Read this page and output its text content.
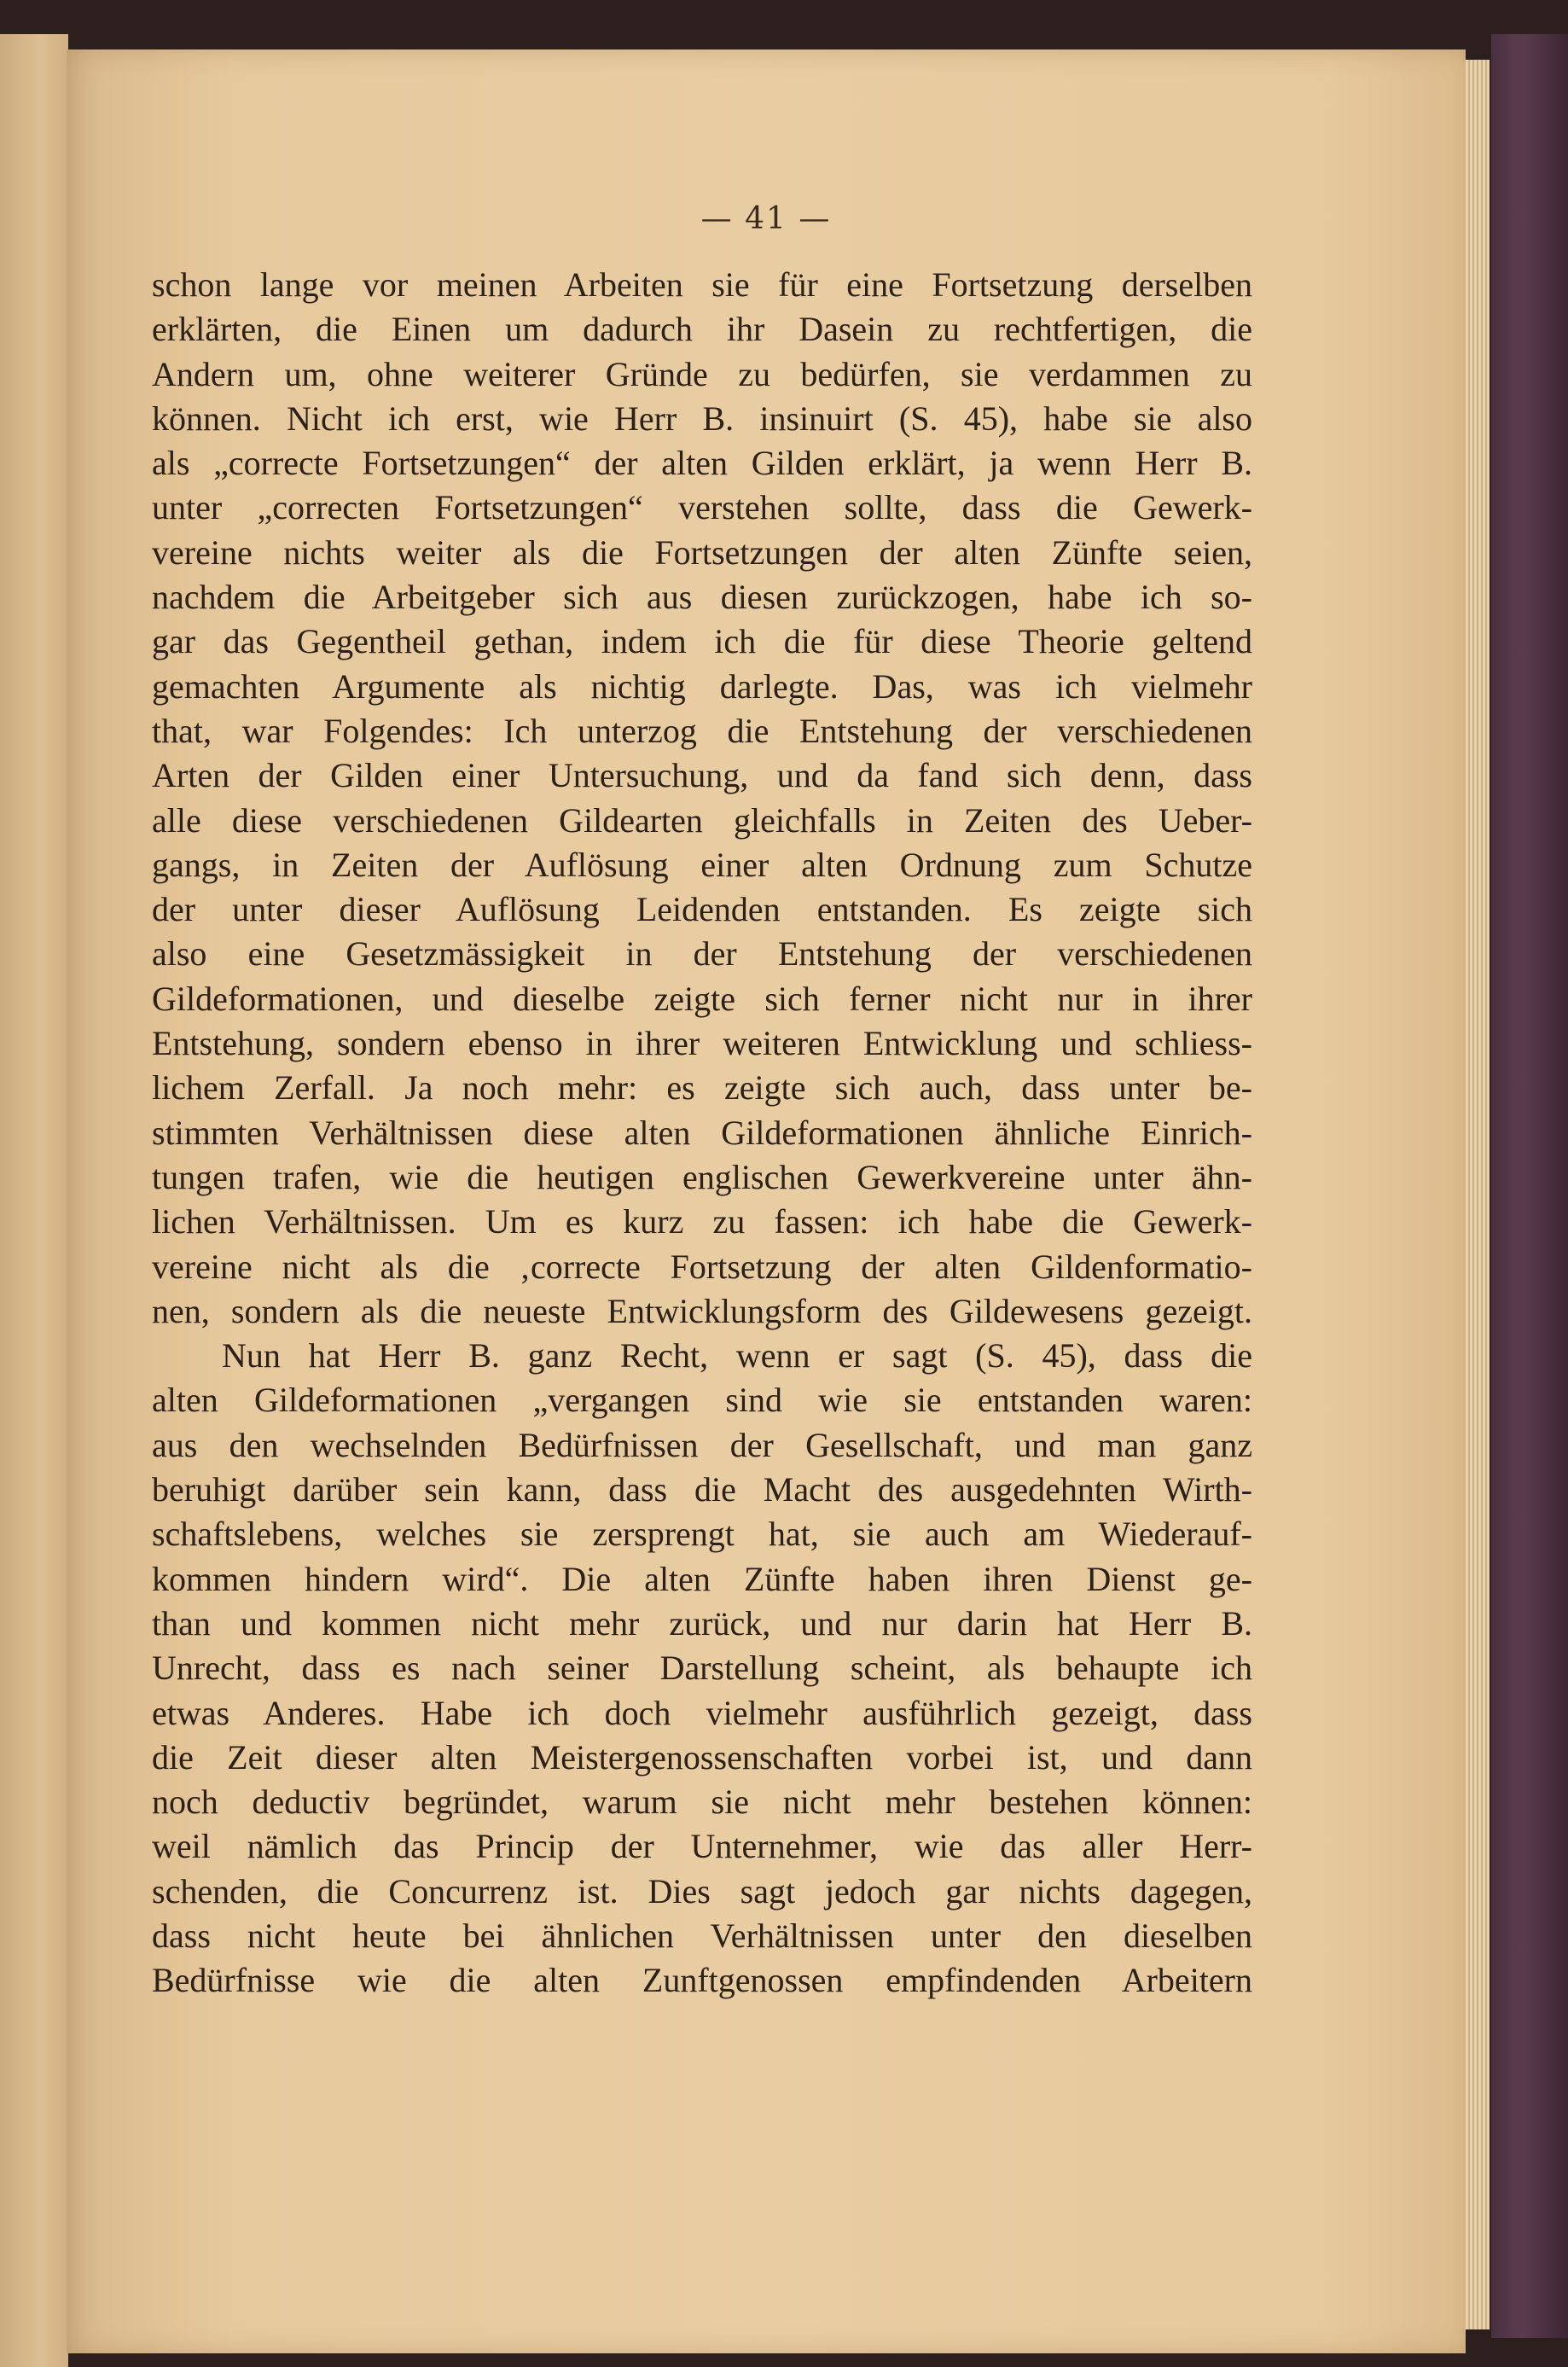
— 41 —
schon lange vor meinen Arbeiten sie für eine Fortsetzung derselben
erklärten, die Einen um dadurch ihr Dasein zu rechtfertigen, die
Andern um, ohne weiterer Gründe zu bedürfen, sie verdammen zu
können. Nicht ich erst, wie Herr B. insinuirt (S. 45), habe sie also
als „correcte Fortsetzungen“ der alten Gilden erklärt, ja wenn Herr B.
unter „correcten Fortsetzungen“ verstehen sollte, dass die Gewerk-
vereine nichts weiter als die Fortsetzungen der alten Zünfte seien,
nachdem die Arbeitgeber sich aus diesen zurückzogen, habe ich so-
gar das Gegentheil gethan, indem ich die für diese Theorie geltend
gemachten Argumente als nichtig darlegte. Das, was ich vielmehr
that, war Folgendes: Ich unterzog die Entstehung der verschiedenen
Arten der Gilden einer Untersuchung, und da fand sich denn, dass
alle diese verschiedenen Gildearten gleichfalls in Zeiten des Ueber-
gangs, in Zeiten der Auflösung einer alten Ordnung zum Schutze
der unter dieser Auflösung Leidenden entstanden. Es zeigte sich
also eine Gesetzmässigkeit in der Entstehung der verschiedenen
Gildeformationen, und dieselbe zeigte sich ferner nicht nur in ihrer
Entstehung, sondern ebenso in ihrer weiteren Entwicklung und schliess-
lichem Zerfall. Ja noch mehr: es zeigte sich auch, dass unter be-
stimmten Verhältnissen diese alten Gildeformationen ähnliche Einrich-
tungen trafen, wie die heutigen englischen Gewerkvereine unter ähn-
lichen Verhältnissen. Um es kurz zu fassen: ich habe die Gewerk-
vereine nicht als die ‚correcte Fortsetzung der alten Gildenformatio-
nen, sondern als die neueste Entwicklungsform des Gildewesens gezeigt.
Nun hat Herr B. ganz Recht, wenn er sagt (S. 45), dass die
alten Gildeformationen „vergangen sind wie sie entstanden waren:
aus den wechselnden Bedürfnissen der Gesellschaft, und man ganz
beruhigt darüber sein kann, dass die Macht des ausgedehnten Wirth-
schaftslebens, welches sie zersprengt hat, sie auch am Wiederauf-
kommen hindern wird“. Die alten Zünfte haben ihren Dienst ge-
than und kommen nicht mehr zurück, und nur darin hat Herr B.
Unrecht, dass es nach seiner Darstellung scheint, als behaupte ich
etwas Anderes. Habe ich doch vielmehr ausführlich gezeigt, dass
die Zeit dieser alten Meistergenossenschaften vorbei ist, und dann
noch deductiv begründet, warum sie nicht mehr bestehen können:
weil nämlich das Princip der Unternehmer, wie das aller Herr-
schenden, die Concurrenz ist. Dies sagt jedoch gar nichts dagegen,
dass nicht heute bei ähnlichen Verhältnissen unter den dieselben
Bedürfnisse wie die alten Zunftgenossen empfindenden Arbeitern
